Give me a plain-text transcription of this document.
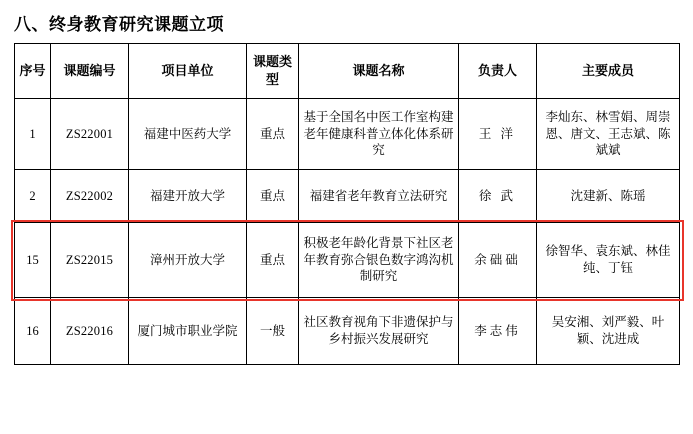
八、终身教育研究课题立项
序号	课题编号	项目单位	课题类型	课题名称	负责人	主要成员
1	ZS22001	福建中医药大学	重点	基于全国名中医工作室构建老年健康科普立体化体系研究	王 洋	李灿东、林雪娟、周崇恩、唐文、王志斌、陈斌斌
2	ZS22002	福建开放大学	重点	福建省老年教育立法研究	徐 武	沈建新、陈瑶
15	ZS22015	漳州开放大学	重点	积极老年龄化背景下社区老年教育弥合银色数字鸿沟机制研究	余础础	徐智华、袁东斌、林佳纯、丁钰
16	ZS22016	厦门城市职业学院	一般	社区教育视角下非遗保护与乡村振兴发展研究	李志伟	吴安湘、刘严毅、叶颖、沈进成
